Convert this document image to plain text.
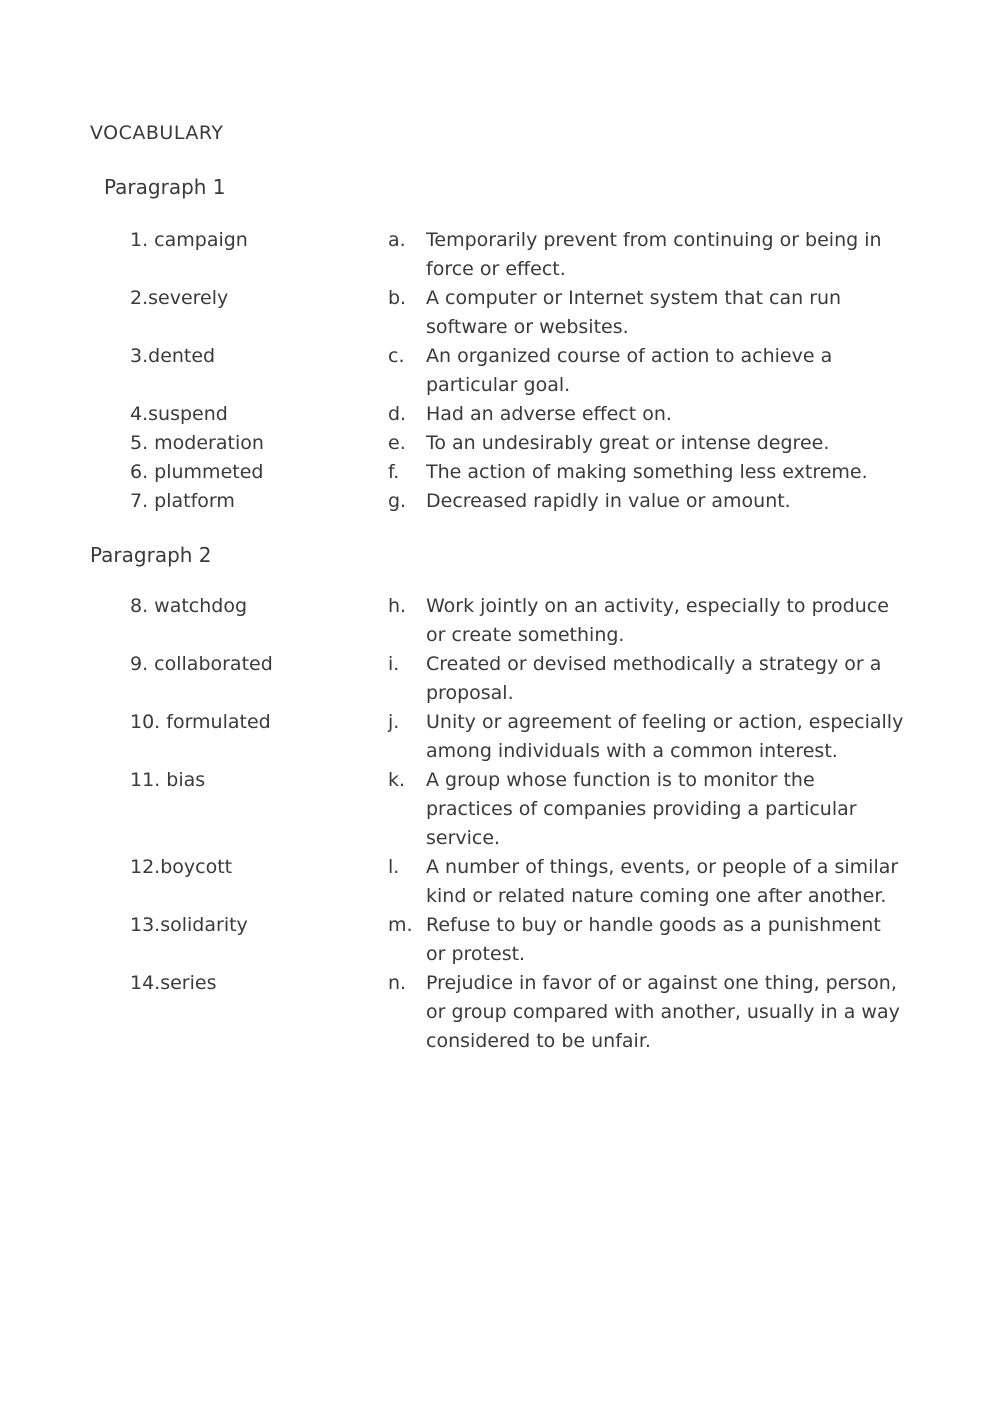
VOCABULARY
Paragraph 1
1. campaign	a.	Temporarily prevent from continuing or being in force or effect.
2.severely	b.	A computer or Internet system that can run software or websites.
3.dented	c.	An organized course of action to achieve a particular goal.
4.suspend	d.	Had an adverse effect on.
5. moderation	e.	To an undesirably great or intense degree.
6. plummeted	f.	The action of making something less extreme.
7. platform	g.	Decreased rapidly in value or amount.
Paragraph 2
8. watchdog	h.	Work jointly on an activity, especially to produce or create something.
9. collaborated	i.	Created or devised methodically a strategy or a proposal.
10. formulated	j.	Unity or agreement of feeling or action, especially among individuals with a common interest.
11. bias	k.	A group whose function is to monitor the practices of companies providing a particular service.
12.boycott	l.	A number of things, events, or people of a similar kind or related nature coming one after another.
13.solidarity	m. Refuse to buy or handle goods as a punishment or protest.
14.series	n.	Prejudice in favor of or against one thing, person, or group compared with another, usually in a way considered to be unfair.
